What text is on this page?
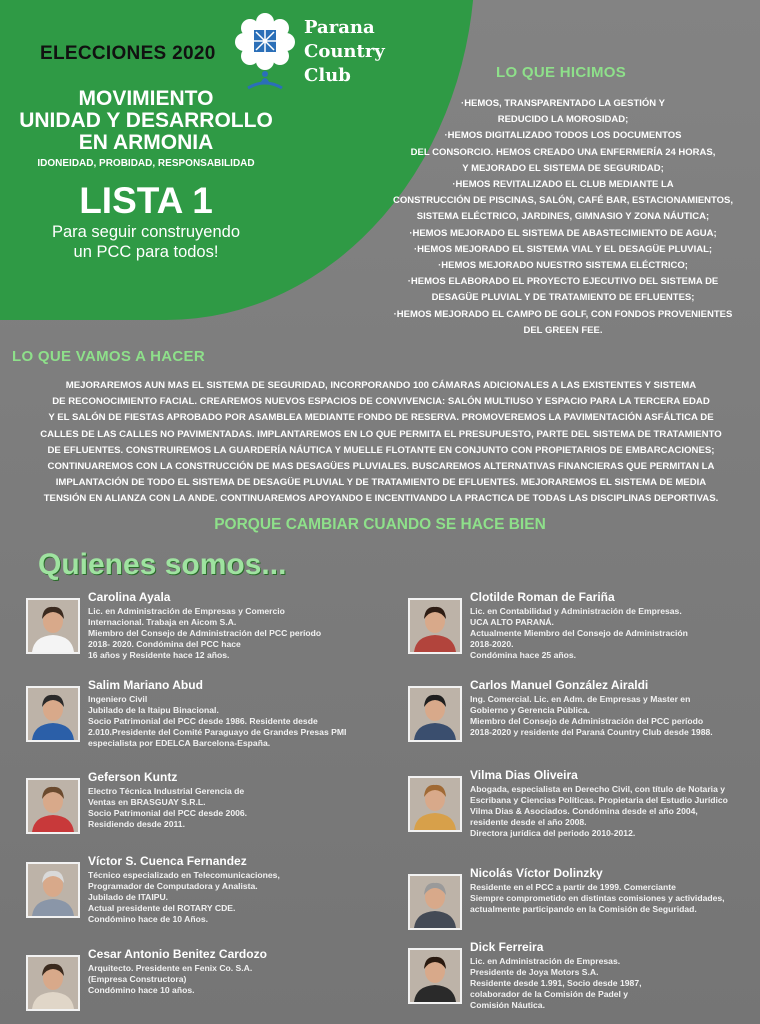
ELECCIONES 2020
Parana
Country
Club
MOVIMIENTO
UNIDAD Y DESARROLLO
EN ARMONIA
IDONEIDAD, PROBIDAD, RESPONSABILIDAD
LISTA 1
Para seguir construyendo
un PCC para todos!
LO QUE HICIMOS
·HEMOS, TRANSPARENTADO LA GESTIÓN Y
REDUCIDO LA MOROSIDAD;
·HEMOS DIGITALIZADO TODOS LOS DOCUMENTOS
DEL CONSORCIO. HEMOS CREADO UNA ENFERMERÍA 24 HORAS,
Y MEJORADO EL SISTEMA DE SEGURIDAD;
·HEMOS REVITALIZADO EL CLUB MEDIANTE LA
CONSTRUCCIÓN DE PISCINAS, SALÓN, CAFÉ BAR, ESTACIONAMIENTOS,
SISTEMA ELÉCTRICO, JARDINES, GIMNASIO Y ZONA NÁUTICA;
·HEMOS MEJORADO EL SISTEMA DE ABASTECIMIENTO DE AGUA;
·HEMOS MEJORADO EL SISTEMA VIAL Y EL DESAGÜE PLUVIAL;
·HEMOS MEJORADO NUESTRO SISTEMA ELÉCTRICO;
·HEMOS ELABORADO EL PROYECTO EJECUTIVO DEL SISTEMA DE
DESAGÜE PLUVIAL Y DE TRATAMIENTO DE EFLUENTES;
·HEMOS MEJORADO EL CAMPO DE GOLF, CON FONDOS PROVENIENTES
DEL GREEN FEE.
LO QUE VAMOS A HACER
MEJORAREMOS AUN MAS EL SISTEMA DE SEGURIDAD, INCORPORANDO 100 CÁMARAS ADICIONALES A LAS EXISTENTES Y SISTEMA
DE RECONOCIMIENTO FACIAL. CREAREMOS NUEVOS ESPACIOS DE CONVIVENCIA: SALÓN MULTIUSO Y ESPACIO PARA LA TERCERA EDAD
Y EL SALÓN DE FIESTAS APROBADO POR ASAMBLEA MEDIANTE FONDO DE RESERVA. PROMOVEREMOS LA PAVIMENTACIÓN ASFÁLTICA DE
CALLES DE LAS CALLES NO PAVIMENTADAS. IMPLANTAREMOS EN LO QUE PERMITA EL PRESUPUESTO, PARTE DEL SISTEMA DE TRATAMIENTO
DE EFLUENTES. CONSTRUIREMOS LA GUARDERÍA NÁUTICA Y MUELLE FLOTANTE EN CONJUNTO CON PROPIETARIOS DE EMBARCACIONES;
CONTINUAREMOS CON LA CONSTRUCCIÓN DE MAS DESAGÜES PLUVIALES. BUSCAREMOS ALTERNATIVAS FINANCIERAS QUE PERMITAN LA
IMPLANTACIÓN DE TODO EL SISTEMA DE DESAGÜE PLUVIAL Y DE TRATAMIENTO DE EFLUENTES. MEJORAREMOS EL SISTEMA DE MEDIA
TENSIÓN EN ALIANZA CON LA ANDE. CONTINUAREMOS APOYANDO E INCENTIVANDO LA PRACTICA DE TODAS LAS DISCIPLINAS DEPORTIVAS.
PORQUE CAMBIAR CUANDO SE HACE BIEN
Quienes somos...
Carolina Ayala
Lic. en Administración de Empresas y Comercio
Internacional. Trabaja en Aicom S.A.
Miembro del Consejo de Administración del PCC período
2018- 2020. Condómina del PCC hace
16 años y Residente hace 12 años.
Salim Mariano Abud
Ingeniero Civil
Jubilado de la Itaipu Binacional.
Socio Patrimonial del PCC desde 1986. Residente desde
2.010.Presidente del Comité Paraguayo de Grandes Presas PMI
especialista por EDELCA Barcelona-España.
Geferson Kuntz
Electro Técnica Industrial Gerencia de
Ventas en BRASGUAY S.R.L.
Socio Patrimonial del PCC desde 2006.
Residiendo desde 2011.
Víctor S. Cuenca Fernandez
Técnico especializado en Telecomunicaciones,
Programador de Computadora y Analista.
Jubilado de ITAIPU.
Actual presidente del ROTARY CDE.
Condómino hace de 10 Años.
Cesar Antonio Benitez Cardozo
Arquitecto. Presidente en Fenix Co. S.A.
(Empresa Constructora)
Condómino hace 10 años.
Clotilde Roman de Fariña
Lic. en Contabilidad y Administración de Empresas.
UCA ALTO PARANÁ.
Actualmente Miembro del Consejo de Administración
2018-2020.
Condómina hace 25 años.
Carlos Manuel González Airaldi
Ing. Comercial. Lic. en Adm. de Empresas y Master en
Gobierno y Gerencia Pública.
Miembro del Consejo de Administración del PCC período
2018-2020 y residente del Paraná Country Club desde 1988.
Vilma Dias Oliveira
Abogada, especialista en Derecho Civil, con título de Notaria y
Escribana y Ciencias Políticas. Propietaria del Estudio Jurídico
Vilma Dias & Asociados. Condómina desde el año 2004,
residente desde el año 2008.
Directora jurídica del periodo 2010-2012.
Nicolás Víctor Dolinzky
Residente en el PCC a partir de 1999. Comerciante
Siempre comprometido en distintas comisiones y actividades,
actualmente participando en la Comisión de Seguridad.
Dick Ferreira
Lic. en Administración de Empresas.
Presidente de Joya Motors S.A.
Residente desde 1.991, Socio desde 1987,
colaborador de la Comisión de Padel y
Comisión Náutica.
